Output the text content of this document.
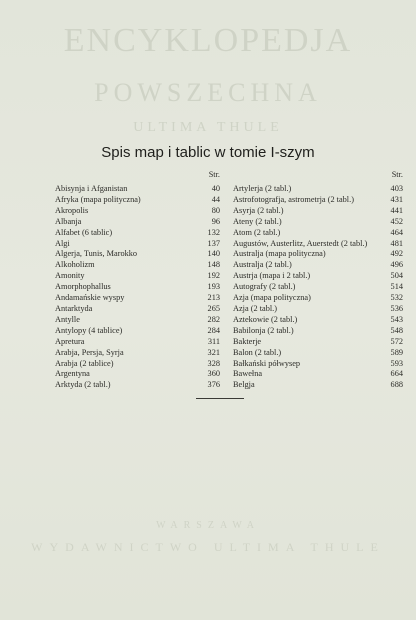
ENCYKLOPEDJA
POWSZECHNA
ULTIMA THULE
WARSZAWA
WYDAWNICTWO ULTIMA THULE
Spis map i tablic w tomie I-szym
Str.
Abisynja i Afganistan	40
Afryka (mapa polityczna)	44
Akropolis	80
Albanja	96
Alfabet (6 tablic)	132
Algi	137
Algerja, Tunis, Marokko	140
Alkoholizm	148
Amonity	192
Amorphophallus	193
Andamańskie wyspy	213
Antarktyda	265
Antylle	282
Antylopy (4 tablice)	284
Apretura	311
Arabja, Persja, Syrja	321
Arabja (2 tablice)	328
Argentyna	360
Arktyda (2 tabl.)	376
Str.
Artylerja (2 tabl.)	403
Astrofotografja, astrometrja (2 tabl.)	431
Asyrja (2 tabl.)	441
Ateny (2 tabl.)	452
Atom (2 tabl.)	464
Augustów, Austerlitz, Auerstedt (2 tabl.)	481
Australja (mapa polityczna)	492
Australja (2 tabl.)	496
Austrja (mapa i 2 tabl.)	504
Autografy (2 tabl.)	514
Azja (mapa polityczna)	532
Azja (2 tabl.)	536
Aztekowie (2 tabl.)	543
Babilonja (2 tabl.)	548
Bakterje	572
Balon (2 tabl.)	589
Bałkański półwysep	593
Bawełna	664
Belgja	688
